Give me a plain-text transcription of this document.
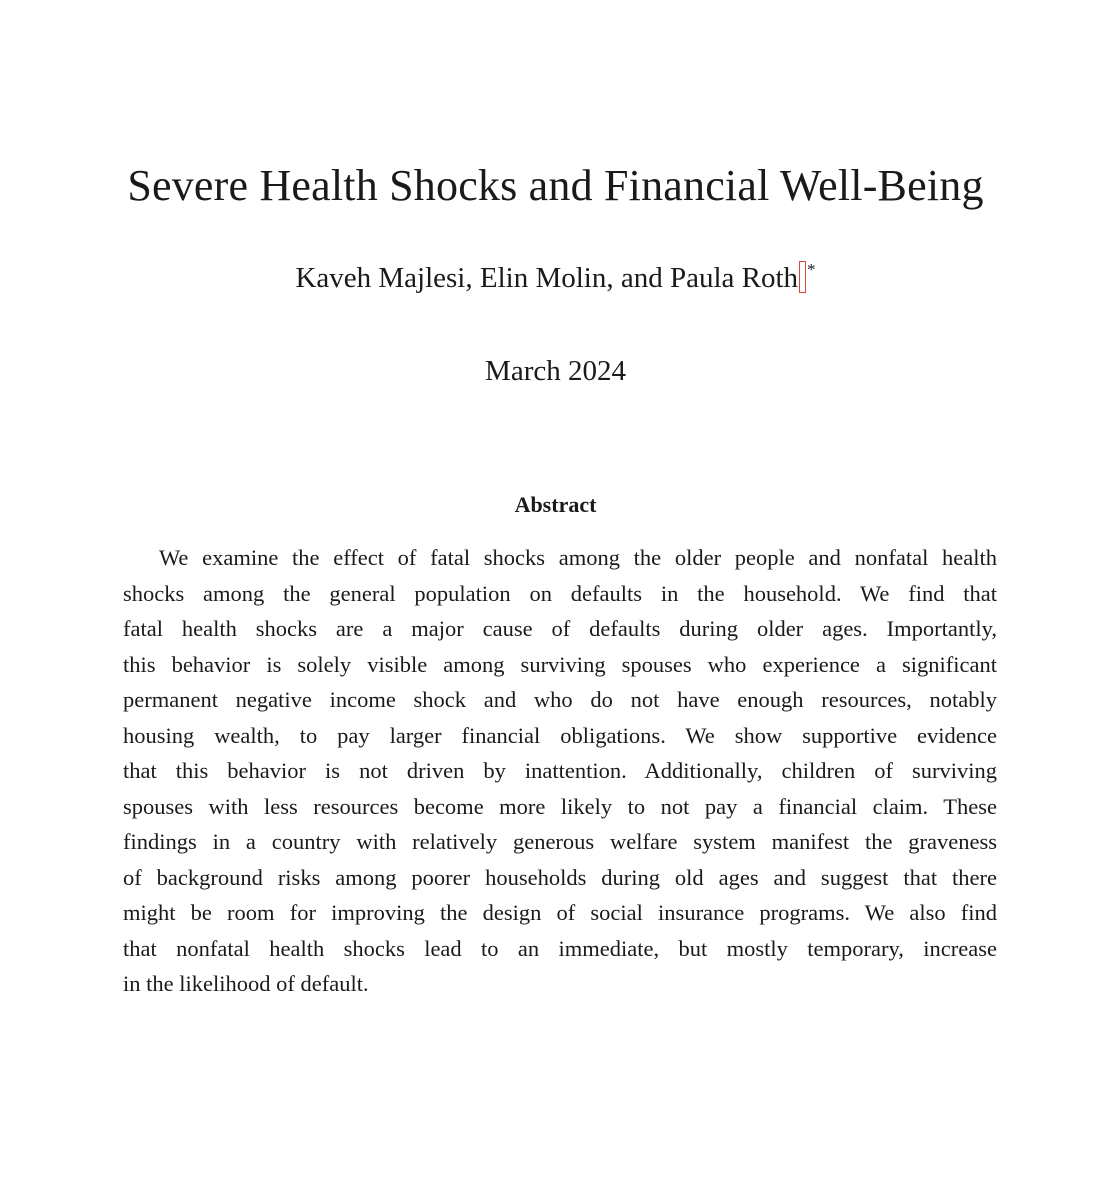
Severe Health Shocks and Financial Well-Being
Kaveh Majlesi, Elin Molin, and Paula Roth *
March 2024
Abstract
We examine the effect of fatal shocks among the older people and nonfatal health
shocks among the general population on defaults in the household. We find that
fatal health shocks are a major cause of defaults during older ages. Importantly,
this behavior is solely visible among surviving spouses who experience a significant
permanent negative income shock and who do not have enough resources, notably
housing wealth, to pay larger financial obligations. We show supportive evidence
that this behavior is not driven by inattention. Additionally, children of surviving
spouses with less resources become more likely to not pay a financial claim. These
findings in a country with relatively generous welfare system manifest the graveness
of background risks among poorer households during old ages and suggest that there
might be room for improving the design of social insurance programs. We also find
that nonfatal health shocks lead to an immediate, but mostly temporary, increase
in the likelihood of default.
